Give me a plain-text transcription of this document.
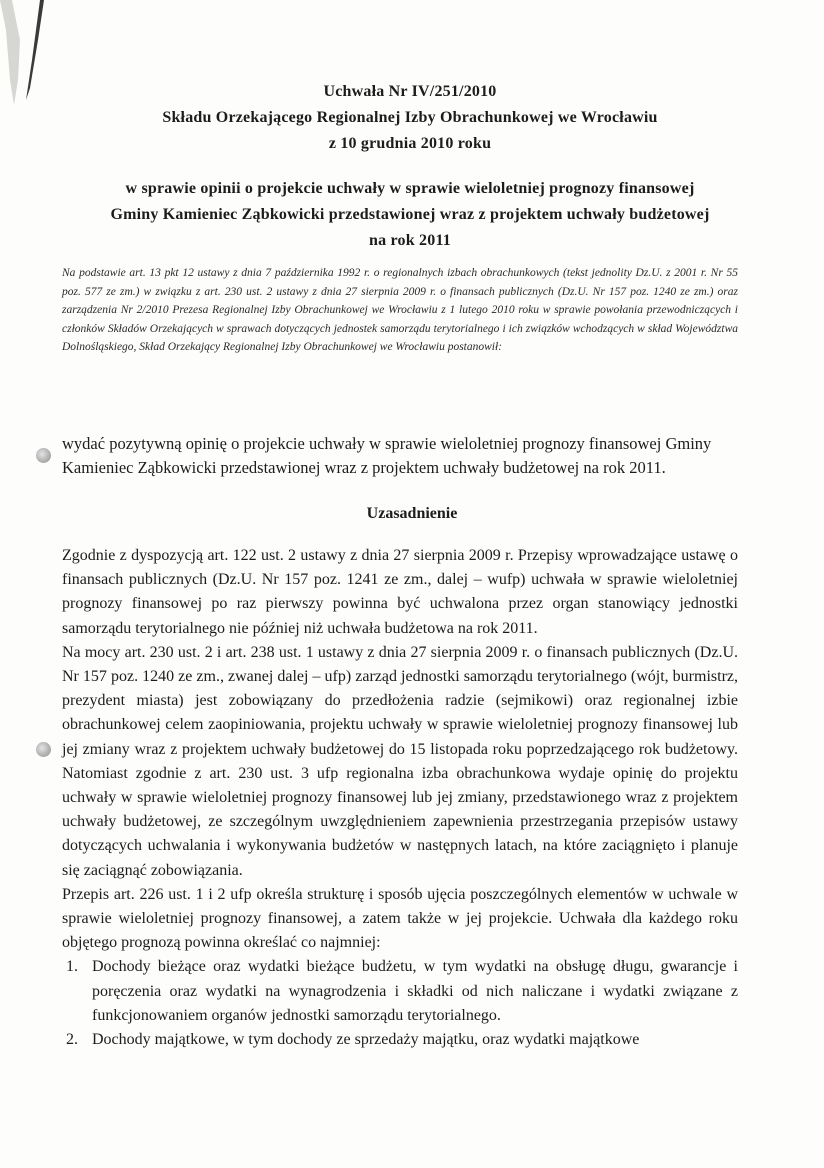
Uchwała Nr IV/251/2010
Składu Orzekającego Regionalnej Izby Obrachunkowej we Wrocławiu
z 10 grudnia 2010 roku
w sprawie opinii o projekcie uchwały w sprawie wieloletniej prognozy finansowej
Gminy Kamieniec Ząbkowicki przedstawionej wraz z projektem uchwały budżetowej
na rok 2011
Na podstawie art. 13 pkt 12 ustawy z dnia 7 października 1992 r. o regionalnych izbach obrachunkowych (tekst jednolity Dz.U. z 2001 r. Nr 55 poz. 577 ze zm.) w związku z art. 230 ust. 2 ustawy z dnia 27 sierpnia 2009 r. o finansach publicznych (Dz.U. Nr 157 poz. 1240 ze zm.) oraz zarządzenia Nr 2/2010 Prezesa Regionalnej Izby Obrachunkowej we Wrocławiu z 1 lutego 2010 roku w sprawie powołania przewodniczących i członków Składów Orzekających w sprawach dotyczących jednostek samorządu terytorialnego i ich związków wchodzących w skład Województwa Dolnośląskiego, Skład Orzekający Regionalnej Izby Obrachunkowej we Wrocławiu postanowił:
wydać pozytywną opinię o projekcie uchwały w sprawie wieloletniej prognozy finansowej Gminy Kamieniec Ząbkowicki przedstawionej wraz z projektem uchwały budżetowej na rok 2011.
Uzasadnienie

Zgodnie z dyspozycją art. 122 ust. 2 ustawy z dnia 27 sierpnia 2009 r. Przepisy wprowadzające ustawę o finansach publicznych (Dz.U. Nr 157 poz. 1241 ze zm., dalej – wufp) uchwała w sprawie wieloletniej prognozy finansowej po raz pierwszy powinna być uchwalona przez organ stanowiący jednostki samorządu terytorialnego nie później niż uchwała budżetowa na rok 2011.

Na mocy art. 230 ust. 2 i art. 238 ust. 1 ustawy z dnia 27 sierpnia 2009 r. o finansach publicznych (Dz.U. Nr 157 poz. 1240 ze zm., zwanej dalej – ufp) zarząd jednostki samorządu terytorialnego (wójt, burmistrz, prezydent miasta) jest zobowiązany do przedłożenia radzie (sejmikowi) oraz regionalnej izbie obrachunkowej celem zaopiniowania, projektu uchwały w sprawie wieloletniej prognozy finansowej lub jej zmiany wraz z projektem uchwały budżetowej do 15 listopada roku poprzedzającego rok budżetowy. Natomiast zgodnie z art. 230 ust. 3 ufp regionalna izba obrachunkowa wydaje opinię do projektu uchwały w sprawie wieloletniej prognozy finansowej lub jej zmiany, przedstawionego wraz z projektem uchwały budżetowej, ze szczególnym uwzględnieniem zapewnienia przestrzegania przepisów ustawy dotyczących uchwalania i wykonywania budżetów w następnych latach, na które zaciągnięto i planuje się zaciągnąć zobowiązania.

Przepis art. 226 ust. 1 i 2 ufp określa strukturę i sposób ujęcia poszczególnych elementów w uchwale w sprawie wieloletniej prognozy finansowej, a zatem także w jej projekcie. Uchwała dla każdego roku objętego prognozą powinna określać co najmniej:

1. Dochody bieżące oraz wydatki bieżące budżetu, w tym wydatki na obsługę długu, gwarancje i poręczenia oraz wydatki na wynagrodzenia i składki od nich naliczane i wydatki związane z funkcjonowaniem organów jednostki samorządu terytorialnego.
2. Dochody majątkowe, w tym dochody ze sprzedaży majątku, oraz wydatki majątkowe
